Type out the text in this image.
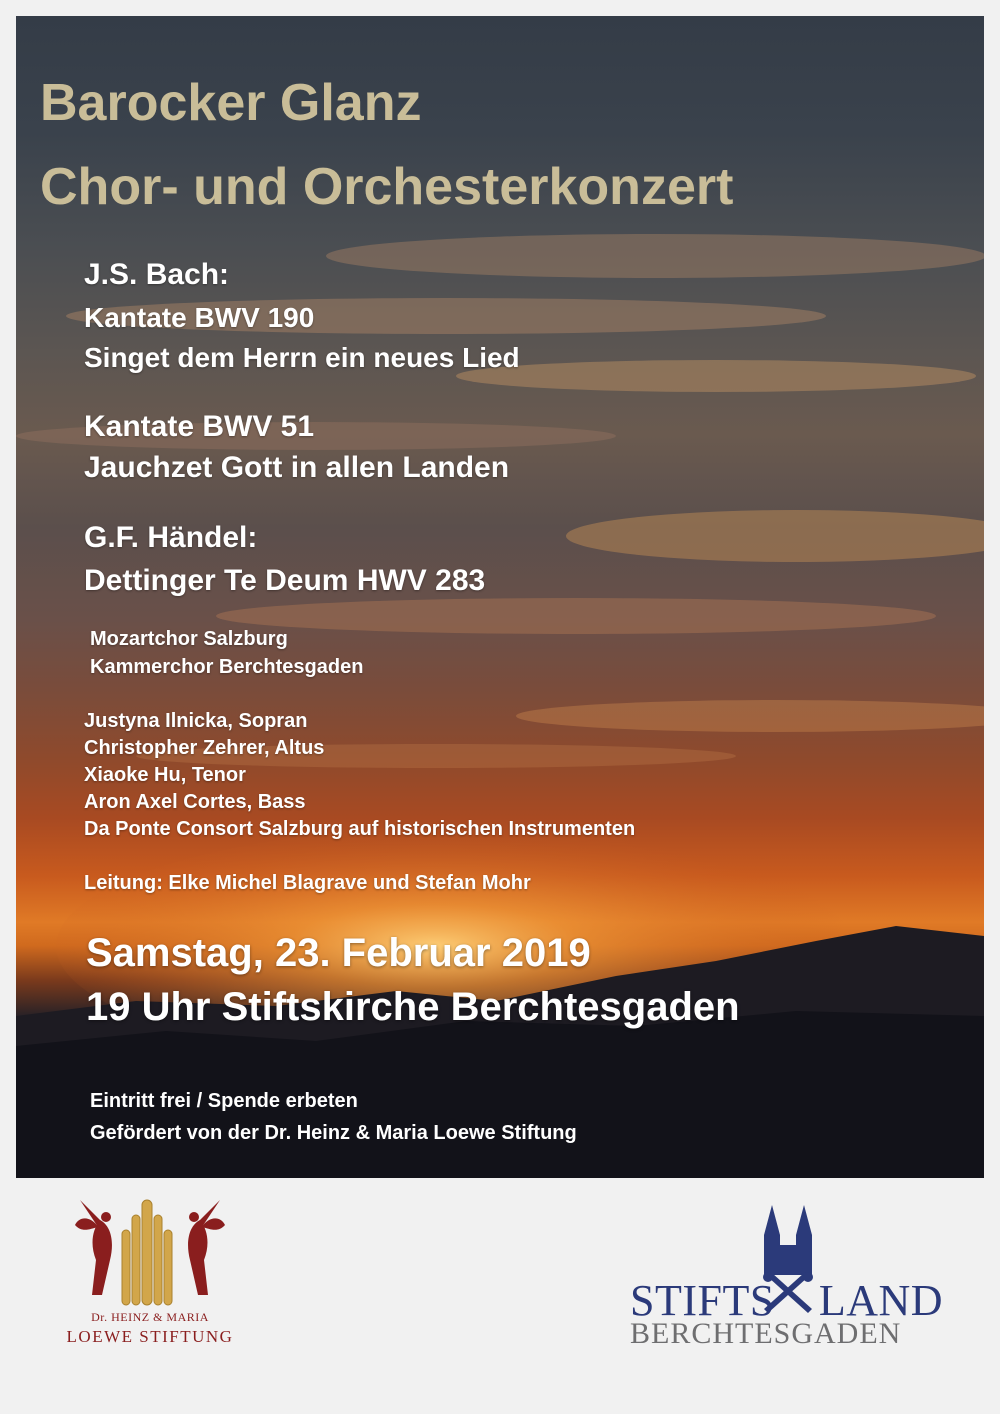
Barocker Glanz

Chor- und Orchesterkonzert

J.S. Bach:

Kantate BWV 190

Singet dem Herrn ein neues Lied

Kantate BWV 51

Jauchzet Gott in allen Landen

G.F. Händel:

Dettinger Te Deum HWV 283

Mozartchor Salzburg

Kammerchor Berchtesgaden

Justyna Ilnicka, Sopran

Christopher Zehrer, Altus

Xiaoke Hu, Tenor

Aron Axel Cortes, Bass

Da Ponte Consort Salzburg auf historischen Instrumenten

Leitung: Elke Michel Blagrave und Stefan Mohr

Samstag, 23. Februar 2019

19 Uhr Stiftskirche Berchtesgaden

Eintritt frei / Spende erbeten

Gefördert von der Dr. Heinz & Maria Loewe Stiftung

Dr. HEINZ & MARIA
LOEWE STIFTUNG
STIFTS LAND
BERCHTESGADEN
